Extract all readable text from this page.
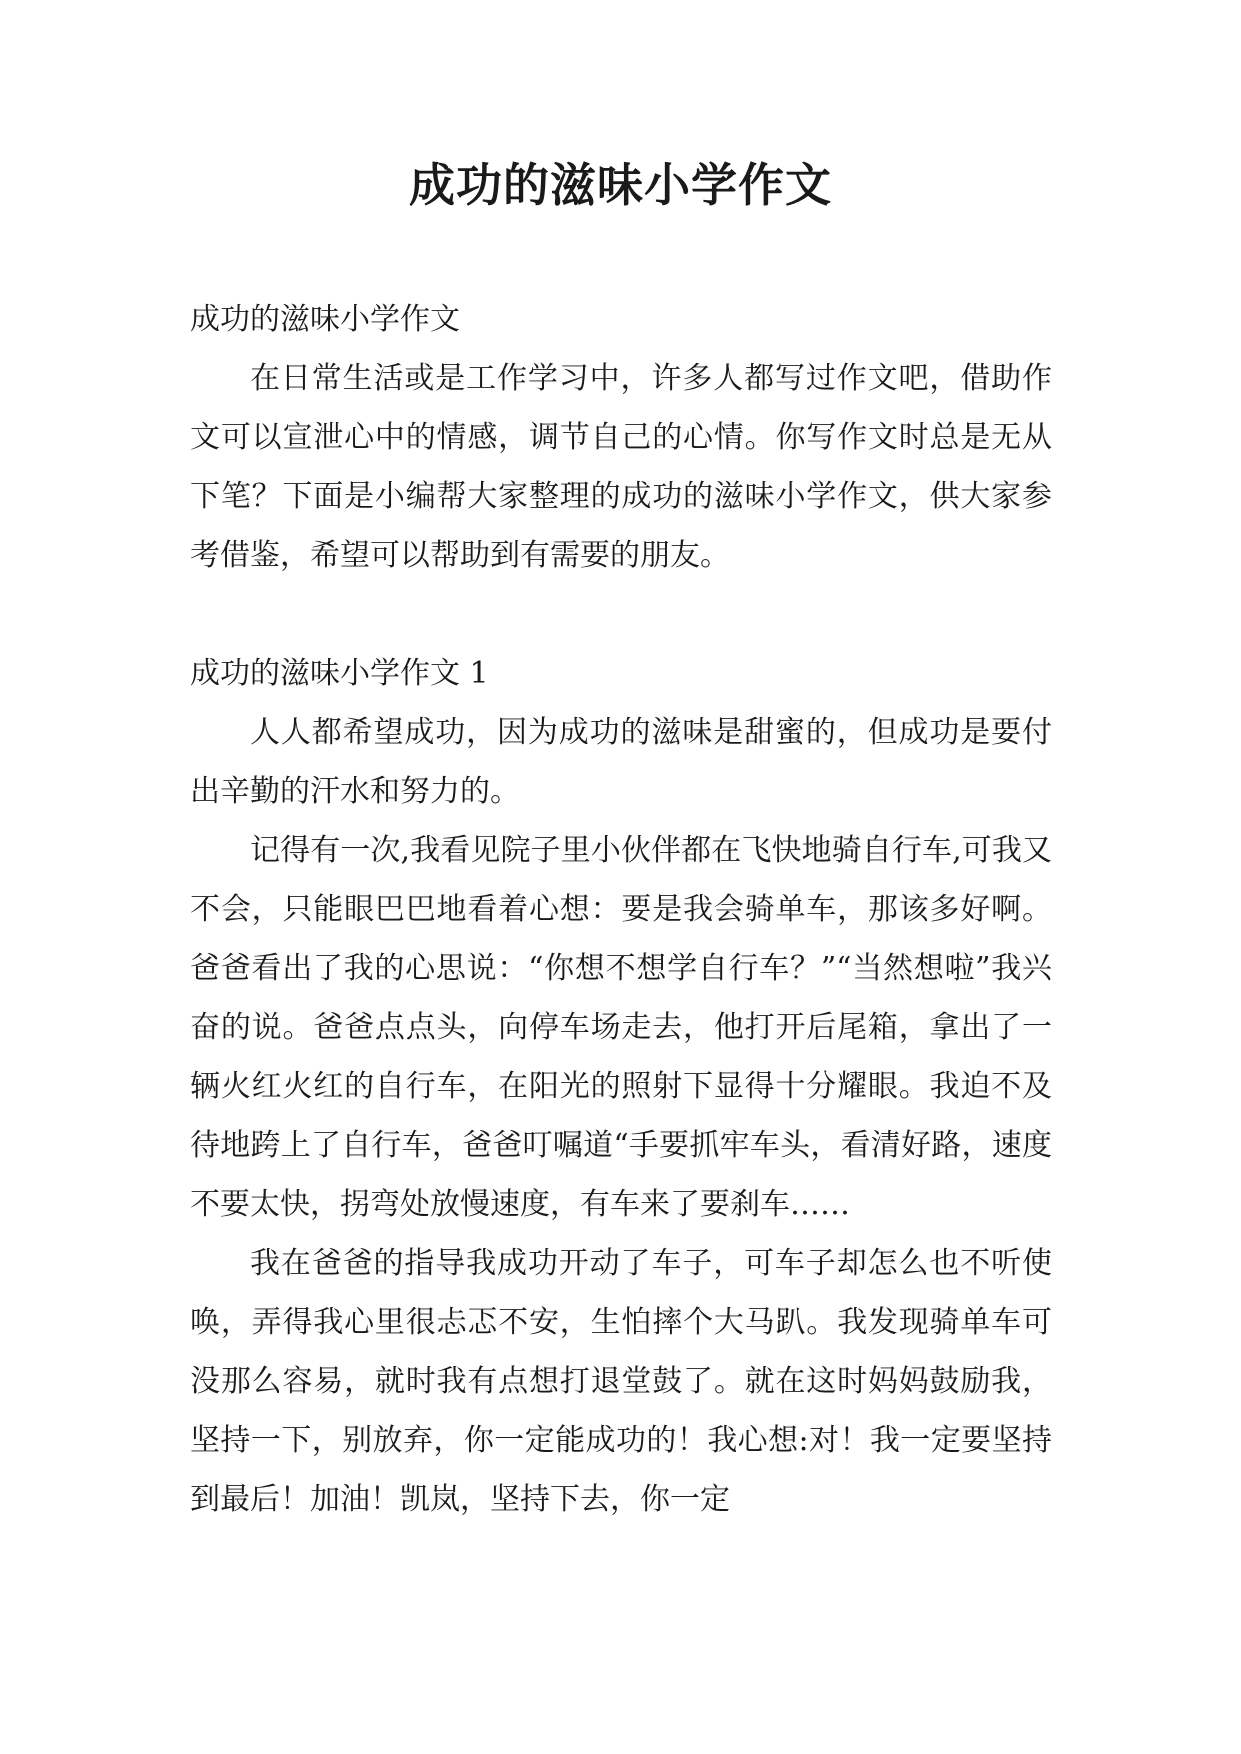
成功的滋味小学作文

成功的滋味小学作文

在日常生活或是工作学习中，许多人都写过作文吧，借助作文可以宣泄心中的情感，调节自己的心情。你写作文时总是无从下笔？下面是小编帮大家整理的成功的滋味小学作文，供大家参考借鉴，希望可以帮助到有需要的朋友。

成功的滋味小学作文 1

人人都希望成功，因为成功的滋味是甜蜜的，但成功是要付出辛勤的汗水和努力的。

记得有一次,我看见院子里小伙伴都在飞快地骑自行车,可我又不会，只能眼巴巴地看着心想：要是我会骑单车，那该多好啊。爸爸看出了我的心思说：“你想不想学自行车？”“当然想啦”我兴奋的说。爸爸点点头，向停车场走去，他打开后尾箱，拿出了一辆火红火红的自行车，在阳光的照射下显得十分耀眼。我迫不及待地跨上了自行车，爸爸叮嘱道“手要抓牢车头，看清好路，速度不要太快，拐弯处放慢速度，有车来了要刹车……

我在爸爸的指导我成功开动了车子，可车子却怎么也不听使唤，弄得我心里很忐忑不安，生怕摔个大马趴。我发现骑单车可没那么容易，就时我有点想打退堂鼓了。就在这时妈妈鼓励我，坚持一下，别放弃，你一定能成功的！我心想:对！我一定要坚持到最后！加油！凯岚，坚持下去，你一定
